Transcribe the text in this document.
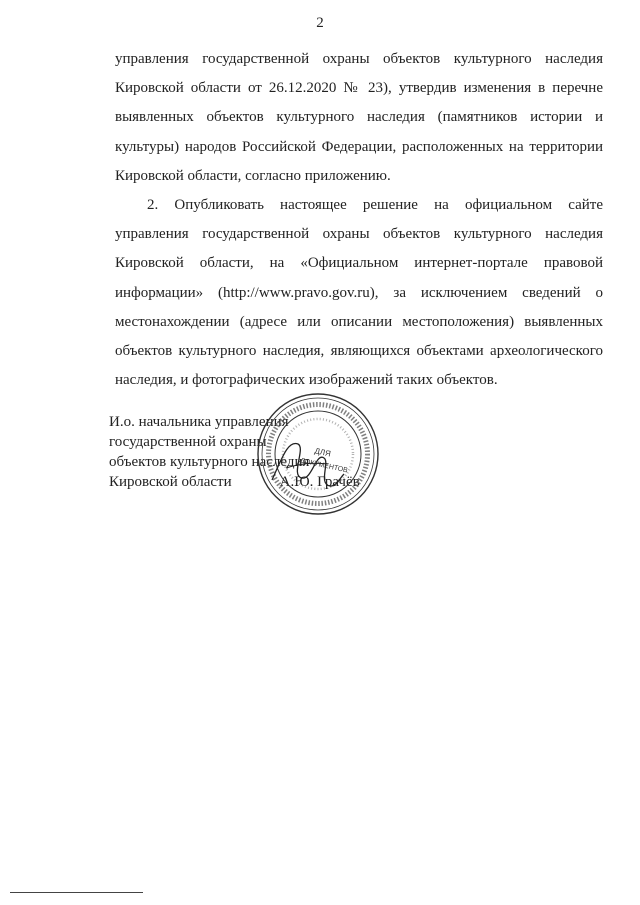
2

управления государственной охраны объектов культурного наследия Кировской области от 26.12.2020 № 23), утвердив изменения в перечне выявленных объектов культурного наследия (памятников истории и культуры) народов Российской Федерации, расположенных на территории Кировской области, согласно приложению.

2. Опубликовать настоящее решение на официальном сайте управления государственной охраны объектов культурного наследия Кировской области, на «Официальном интернет-портале правовой информации» (http://www.pravo.gov.ru), за исключением сведений о местонахождении (адресе или описании местоположения) выявленных объектов культурного наследия, являющихся объектами археологического наследия, и фотографических изображений таких объектов.

И.о. начальника управления
государственной охраны
объектов культурного наследия
Кировской области	А.Ю. Грачёв
ДЛЯ
ДОКУМЕНТОВ
